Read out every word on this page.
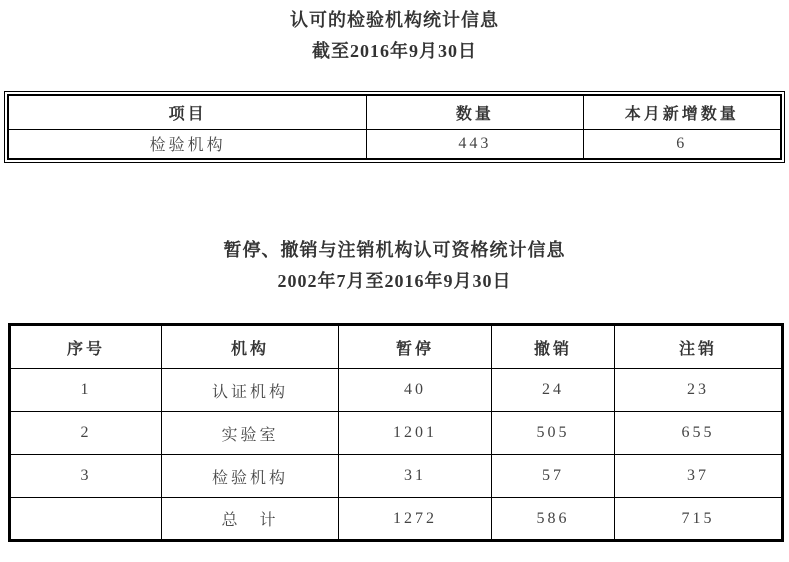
认可的检验机构统计信息
截至2016年9月30日
项目	数量	本月新增数量
检验机构	443	6
暂停、撤销与注销机构认可资格统计信息
2002年7月至2016年9月30日
序号	机构	暂停	撤销	注销
1	认证机构	40	24	23
2	实验室	1201	505	655
3	检验机构	31	57	37
	总　计	1272	586	715
